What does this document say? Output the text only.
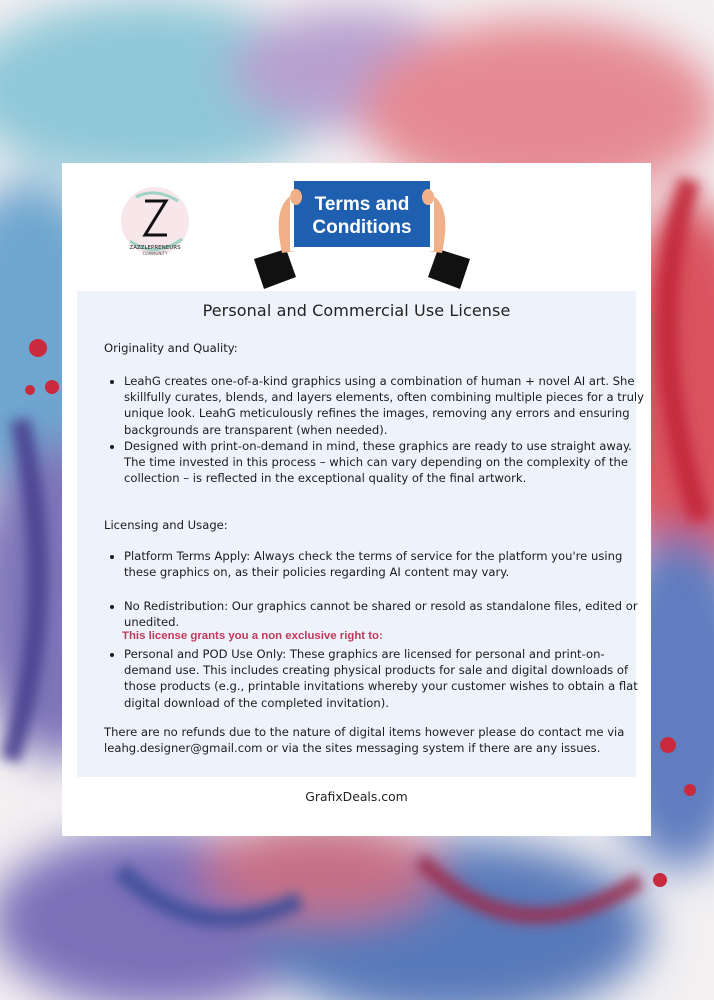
ZAZZLEPRENEURS
COMMUNITY
Terms and
Conditions
Personal and Commercial Use License
Originality and Quality:
• LeahG creates one-of-a-kind graphics using a combination of human + novel AI art. She skillfully curates, blends, and layers elements, often combining multiple pieces for a truly unique look. LeahG meticulously refines the images, removing any errors and ensuring backgrounds are transparent (when needed).
• Designed with print-on-demand in mind, these graphics are ready to use straight away. The time invested in this process – which can vary depending on the complexity of the collection – is reflected in the exceptional quality of the final artwork.
Licensing and Usage:
• Platform Terms Apply: Always check the terms of service for the platform you're using these graphics on, as their policies regarding AI content may vary.
• No Redistribution: Our graphics cannot be shared or resold as standalone files, edited or unedited.
This license grants you a non exclusive right to:
• Personal and POD Use Only: These graphics are licensed for personal and print-on-demand use. This includes creating physical products for sale and digital downloads of those products (e.g., printable invitations whereby your customer wishes to obtain a flat digital download of the completed invitation).

There are no refunds due to the nature of digital items however please do contact me via leahg.designer@gmail.com or via the sites messaging system if there are any issues.

GrafixDeals.com
